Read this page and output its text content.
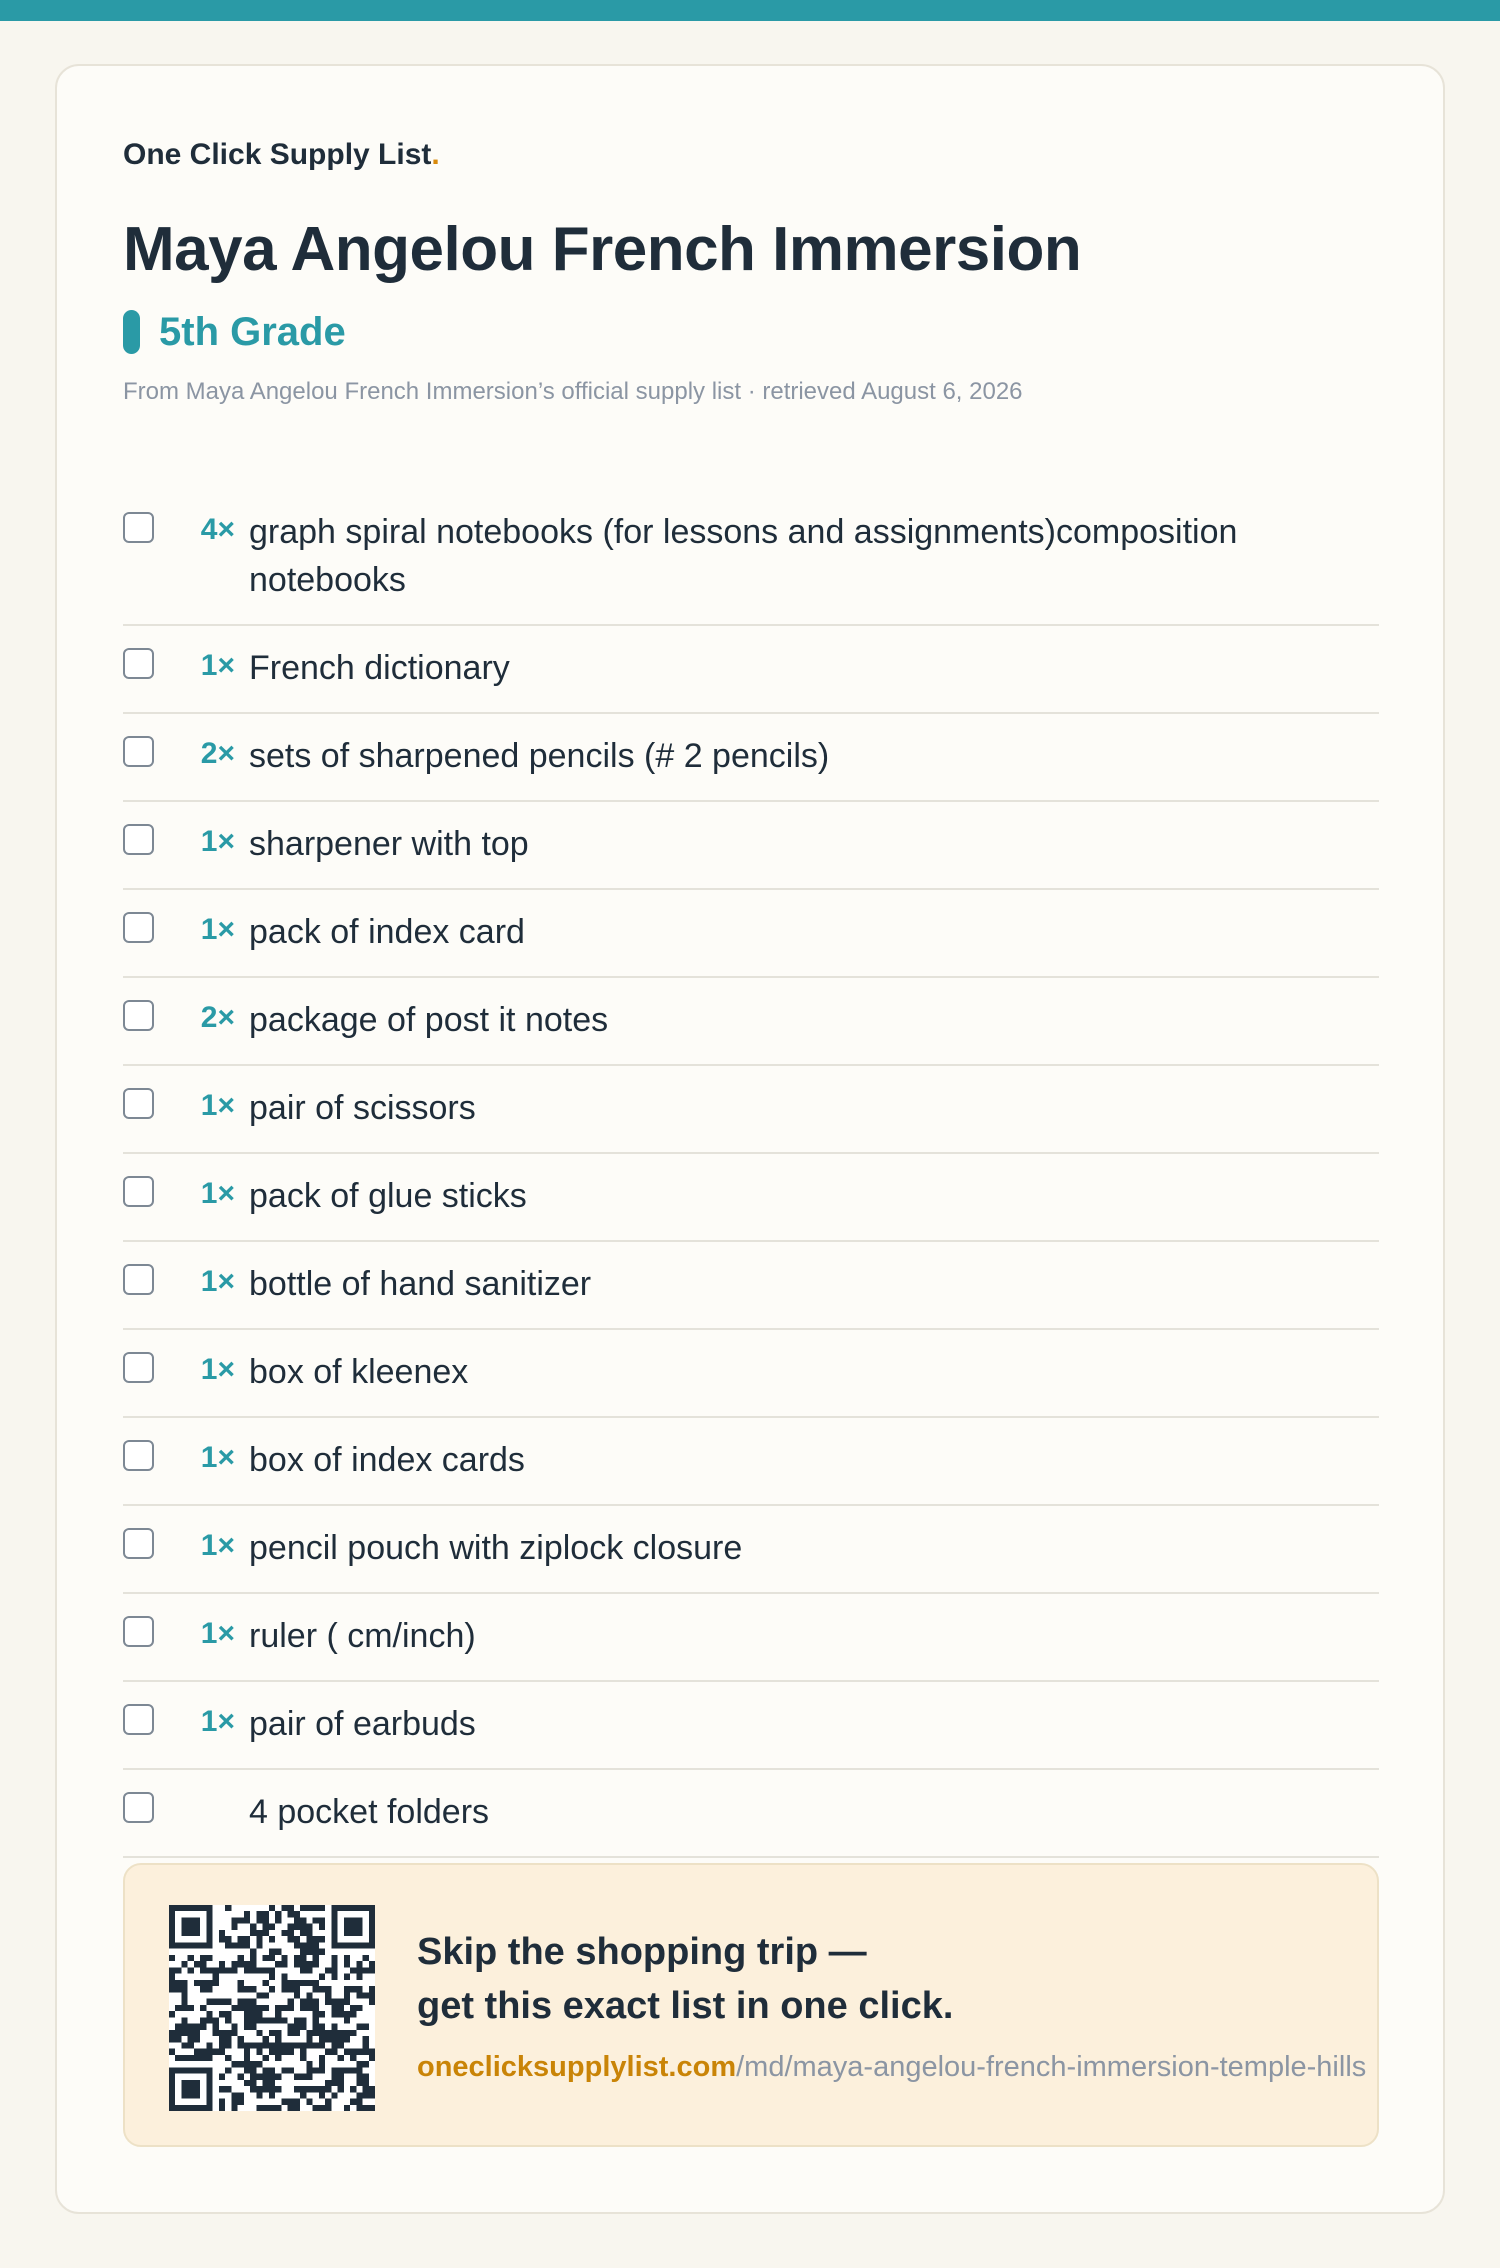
One Click Supply List.
Maya Angelou French Immersion
5th Grade
From Maya Angelou French Immersion’s official supply list · retrieved August 6, 2026
4× graph spiral notebooks (for lessons and assignments)composition notebooks
1× French dictionary
2× sets of sharpened pencils (# 2 pencils)
1× sharpener with top
1× pack of index card
2× package of post it notes
1× pair of scissors
1× pack of glue sticks
1× bottle of hand sanitizer
1× box of kleenex
1× box of index cards
1× pencil pouch with ziplock closure
1× ruler ( cm/inch)
1× pair of earbuds
4 pocket folders
Skip the shopping trip —
get this exact list in one click.
oneclicksupplylist.com/md/maya-angelou-french-immersion-temple-hills
